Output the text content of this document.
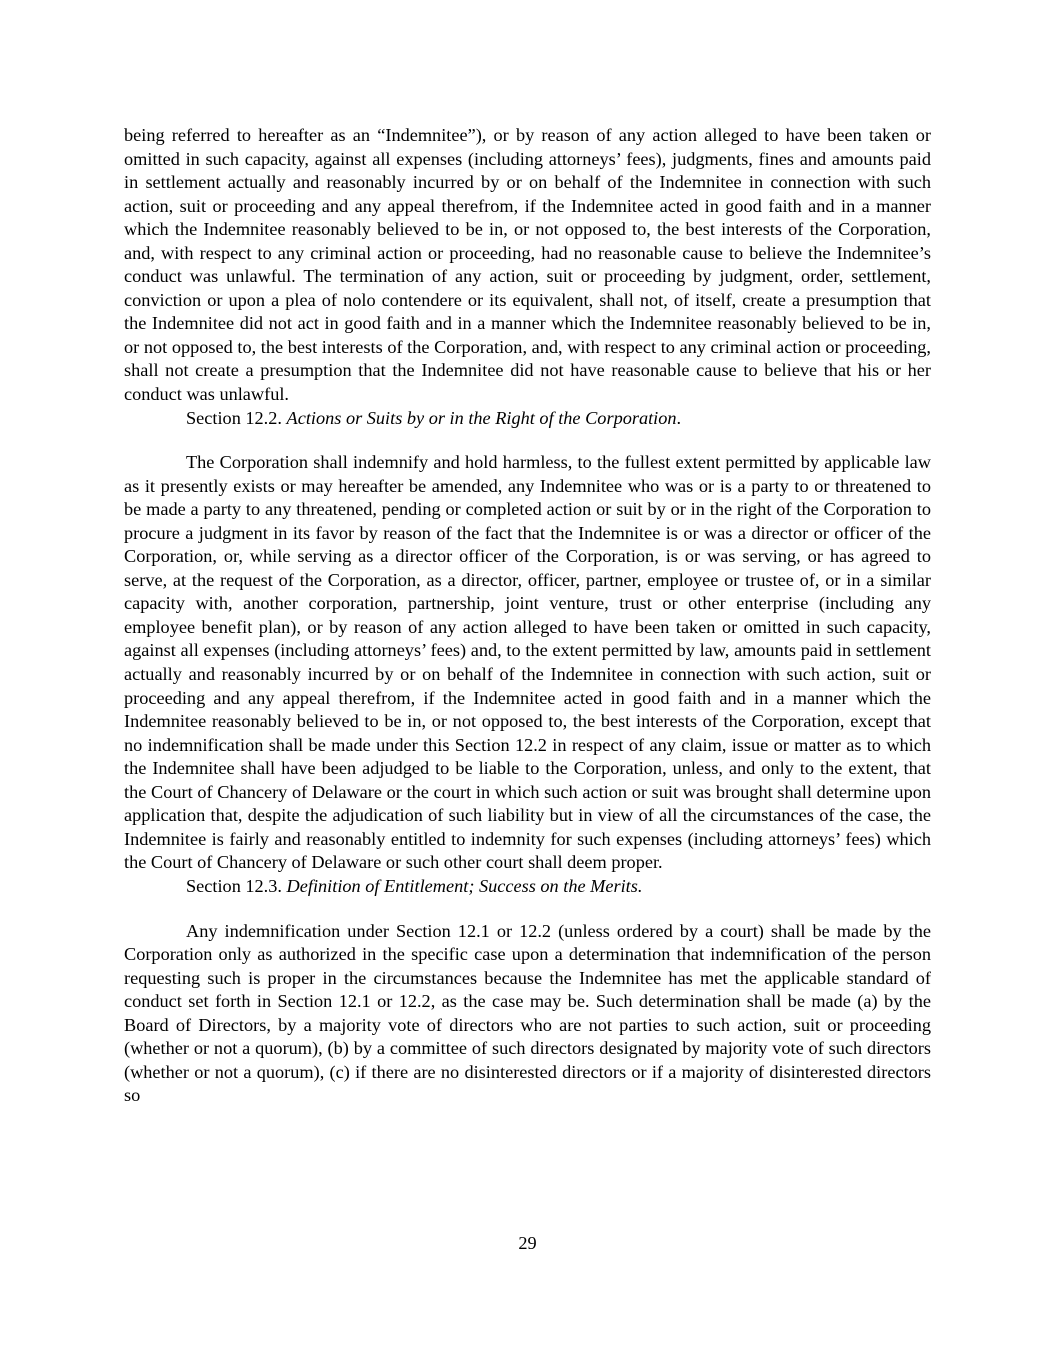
being referred to hereafter as an “Indemnitee”), or by reason of any action alleged to have been taken or omitted in such capacity, against all expenses (including attorneys’ fees), judgments, fines and amounts paid in settlement actually and reasonably incurred by or on behalf of the Indemnitee in connection with such action, suit or proceeding and any appeal therefrom, if the Indemnitee acted in good faith and in a manner which the Indemnitee reasonably believed to be in, or not opposed to, the best interests of the Corporation, and, with respect to any criminal action or proceeding, had no reasonable cause to believe the Indemnitee’s conduct was unlawful. The termination of any action, suit or proceeding by judgment, order, settlement, conviction or upon a plea of nolo contendere or its equivalent, shall not, of itself, create a presumption that the Indemnitee did not act in good faith and in a manner which the Indemnitee reasonably believed to be in, or not opposed to, the best interests of the Corporation, and, with respect to any criminal action or proceeding, shall not create a presumption that the Indemnitee did not have reasonable cause to believe that his or her conduct was unlawful.

Section 12.2. Actions or Suits by or in the Right of the Corporation.

The Corporation shall indemnify and hold harmless, to the fullest extent permitted by applicable law as it presently exists or may hereafter be amended, any Indemnitee who was or is a party to or threatened to be made a party to any threatened, pending or completed action or suit by or in the right of the Corporation to procure a judgment in its favor by reason of the fact that the Indemnitee is or was a director or officer of the Corporation, or, while serving as a director officer of the Corporation, is or was serving, or has agreed to serve, at the request of the Corporation, as a director, officer, partner, employee or trustee of, or in a similar capacity with, another corporation, partnership, joint venture, trust or other enterprise (including any employee benefit plan), or by reason of any action alleged to have been taken or omitted in such capacity, against all expenses (including attorneys’ fees) and, to the extent permitted by law, amounts paid in settlement actually and reasonably incurred by or on behalf of the Indemnitee in connection with such action, suit or proceeding and any appeal therefrom, if the Indemnitee acted in good faith and in a manner which the Indemnitee reasonably believed to be in, or not opposed to, the best interests of the Corporation, except that no indemnification shall be made under this Section 12.2 in respect of any claim, issue or matter as to which the Indemnitee shall have been adjudged to be liable to the Corporation, unless, and only to the extent, that the Court of Chancery of Delaware or the court in which such action or suit was brought shall determine upon application that, despite the adjudication of such liability but in view of all the circumstances of the case, the Indemnitee is fairly and reasonably entitled to indemnity for such expenses (including attorneys’ fees) which the Court of Chancery of Delaware or such other court shall deem proper.

Section 12.3. Definition of Entitlement; Success on the Merits.

Any indemnification under Section 12.1 or 12.2 (unless ordered by a court) shall be made by the Corporation only as authorized in the specific case upon a determination that indemnification of the person requesting such is proper in the circumstances because the Indemnitee has met the applicable standard of conduct set forth in Section 12.1 or 12.2, as the case may be. Such determination shall be made (a) by the Board of Directors, by a majority vote of directors who are not parties to such action, suit or proceeding (whether or not a quorum), (b) by a committee of such directors designated by majority vote of such directors (whether or not a quorum), (c) if there are no disinterested directors or if a majority of disinterested directors so

29
